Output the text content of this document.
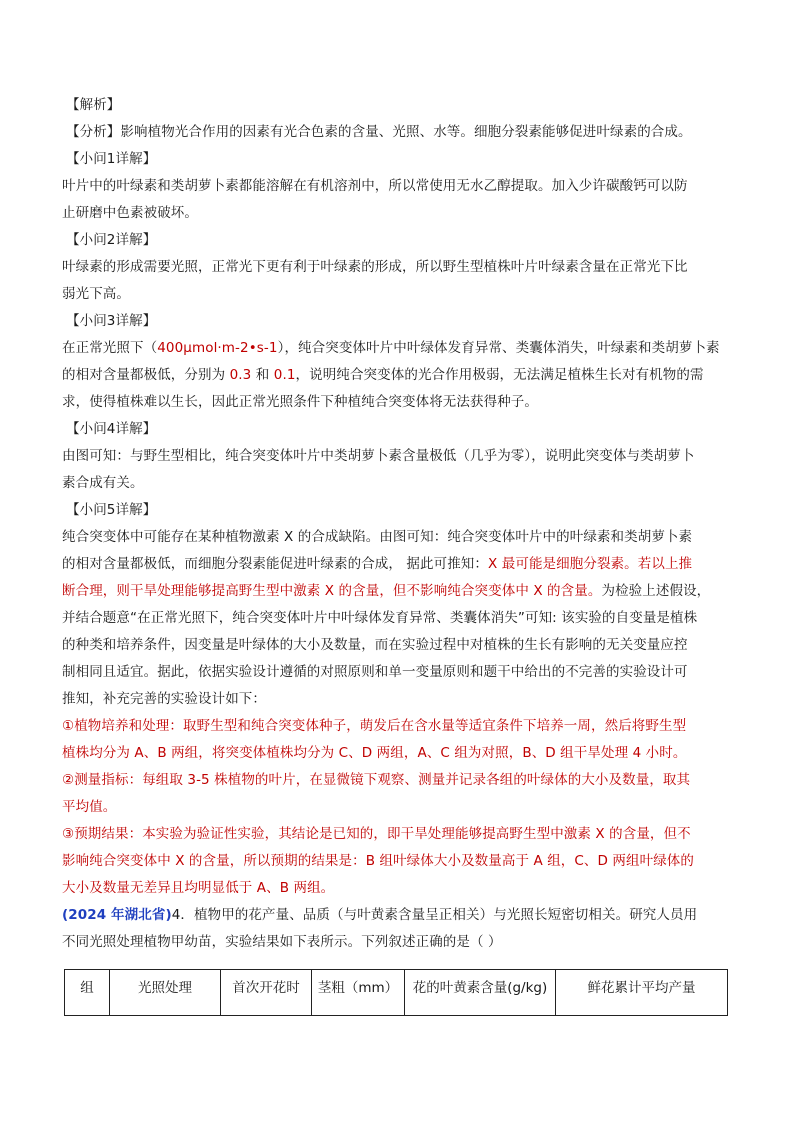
【解析】
【分析】影响植物光合作用的因素有光合色素的含量、光照、水等。细胞分裂素能够促进叶绿素的合成。
【小问1详解】
叶片中的叶绿素和类胡萝卜素都能溶解在有机溶剂中，所以常使用无水乙醇提取。加入少许碳酸钙可以防
止研磨中色素被破坏。
【小问2详解】
叶绿素的形成需要光照，正常光下更有利于叶绿素的形成，所以野生型植株叶片叶绿素含量在正常光下比
弱光下高。
【小问3详解】
在正常光照下（400μmol·m-2•s-1），纯合突变体叶片中叶绿体发育异常、类囊体消失，叶绿素和类胡萝卜素
的相对含量都极低，分别为 0.3 和 0.1，说明纯合突变体的光合作用极弱，无法满足植株生长对有机物的需
求，使得植株难以生长，因此正常光照条件下种植纯合突变体将无法获得种子。
【小问4详解】
由图可知：与野生型相比，纯合突变体叶片中类胡萝卜素含量极低（几乎为零），说明此突变体与类胡萝卜
素合成有关。
【小问5详解】
纯合突变体中可能存在某种植物激素 X 的合成缺陷。由图可知：纯合突变体叶片中的叶绿素和类胡萝卜素
的相对含量都极低，而细胞分裂素能促进叶绿素的合成， 据此可推知：X 最可能是细胞分裂素。若以上推
断合理，则干旱处理能够提高野生型中激素 X 的含量，但不影响纯合突变体中 X 的含量。为检验上述假设，
并结合题意“在正常光照下，纯合突变体叶片中叶绿体发育异常、类囊体消失”可知: 该实验的自变量是植株
的种类和培养条件，因变量是叶绿体的大小及数量，而在实验过程中对植株的生长有影响的无关变量应控
制相同且适宜。据此，依据实验设计遵循的对照原则和单一变量原则和题干中给出的不完善的实验设计可
推知，补充完善的实验设计如下：
①植物培养和处理：取野生型和纯合突变体种子，萌发后在含水量等适宜条件下培养一周，然后将野生型
植株均分为 A、B 两组，将突变体植株均分为 C、D 两组，A、C 组为对照，B、D 组干旱处理 4 小时。
②测量指标：每组取 3-5 株植物的叶片，在显微镜下观察、测量并记录各组的叶绿体的大小及数量，取其
平均值。
③预期结果：本实验为验证性实验，其结论是已知的，即干旱处理能够提高野生型中激素 X 的含量，但不
影响纯合突变体中 X 的含量，所以预期的结果是：B 组叶绿体大小及数量高于 A 组，C、D 两组叶绿体的
大小及数量无差异且均明显低于 A、B 两组。
(2024 年湖北省)4．植物甲的花产量、品质（与叶黄素含量呈正相关）与光照长短密切相关。研究人员用
不同光照处理植物甲幼苗，实验结果如下表所示。下列叙述正确的是（ ）
组	光照处理	首次开花时	茎粗（mm）	花的叶黄素含量(g/kg)	鲜花累计平均产量
